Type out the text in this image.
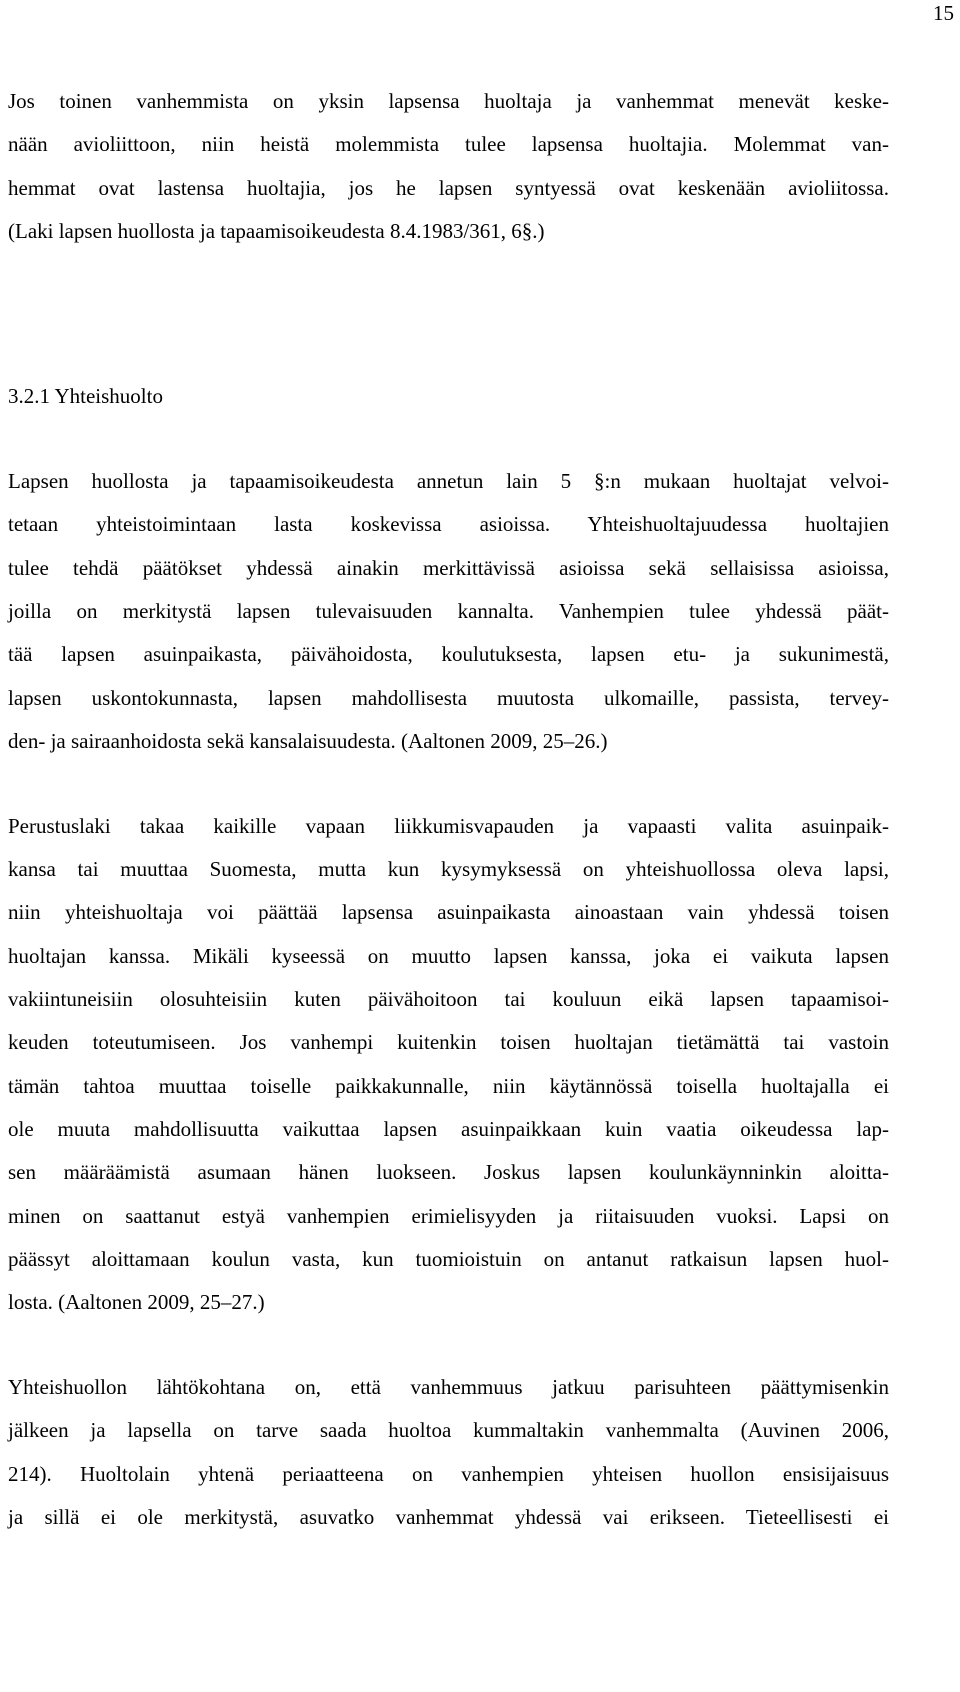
15
Jos toinen vanhemmista on yksin lapsensa huoltaja ja vanhemmat menevät keske-
nään avioliittoon, niin heistä molemmista tulee lapsensa huoltajia. Molemmat van-
hemmat ovat lastensa huoltajia, jos he lapsen syntyessä ovat keskenään avioliitossa.
(Laki lapsen huollosta ja tapaamisoikeudesta 8.4.1983/361, 6§.)
3.2.1 Yhteishuolto
Lapsen huollosta ja tapaamisoikeudesta annetun lain 5 §:n mukaan huoltajat velvoi-
tetaan yhteistoimintaan lasta koskevissa asioissa. Yhteishuoltajuudessa huoltajien
tulee tehdä päätökset yhdessä ainakin merkittävissä asioissa sekä sellaisissa asioissa,
joilla on merkitystä lapsen tulevaisuuden kannalta. Vanhempien tulee yhdessä päät-
tää lapsen asuinpaikasta, päivähoidosta, koulutuksesta, lapsen etu- ja sukunimestä,
lapsen uskontokunnasta, lapsen mahdollisesta muutosta ulkomaille, passista, tervey-
den- ja sairaanhoidosta sekä kansalaisuudesta. (Aaltonen 2009, 25–26.)
Perustuslaki takaa kaikille vapaan liikkumisvapauden ja vapaasti valita asuinpaik-
kansa tai muuttaa Suomesta, mutta kun kysymyksessä on yhteishuollossa oleva lapsi,
niin yhteishuoltaja voi päättää lapsensa asuinpaikasta ainoastaan vain yhdessä toisen
huoltajan kanssa. Mikäli kyseessä on muutto lapsen kanssa, joka ei vaikuta lapsen
vakiintuneisiin olosuhteisiin kuten päivähoitoon tai kouluun eikä lapsen tapaamisoi-
keuden toteutumiseen. Jos vanhempi kuitenkin toisen huoltajan tietämättä tai vastoin
tämän tahtoa muuttaa toiselle paikkakunnalle, niin käytännössä toisella huoltajalla ei
ole muuta mahdollisuutta vaikuttaa lapsen asuinpaikkaan kuin vaatia oikeudessa lap-
sen määräämistä asumaan hänen luokseen. Joskus lapsen koulunkäynninkin aloitta-
minen on saattanut estyä vanhempien erimielisyyden ja riitaisuuden vuoksi. Lapsi on
päässyt aloittamaan koulun vasta, kun tuomioistuin on antanut ratkaisun lapsen huol-
losta. (Aaltonen 2009, 25–27.)
Yhteishuollon lähtökohtana on, että vanhemmuus jatkuu parisuhteen päättymisenkin
jälkeen ja lapsella on tarve saada huoltoa kummaltakin vanhemmalta (Auvinen 2006,
214). Huoltolain yhtenä periaatteena on vanhempien yhteisen huollon ensisijaisuus
ja sillä ei ole merkitystä, asuvatko vanhemmat yhdessä vai erikseen. Tieteellisesti ei
